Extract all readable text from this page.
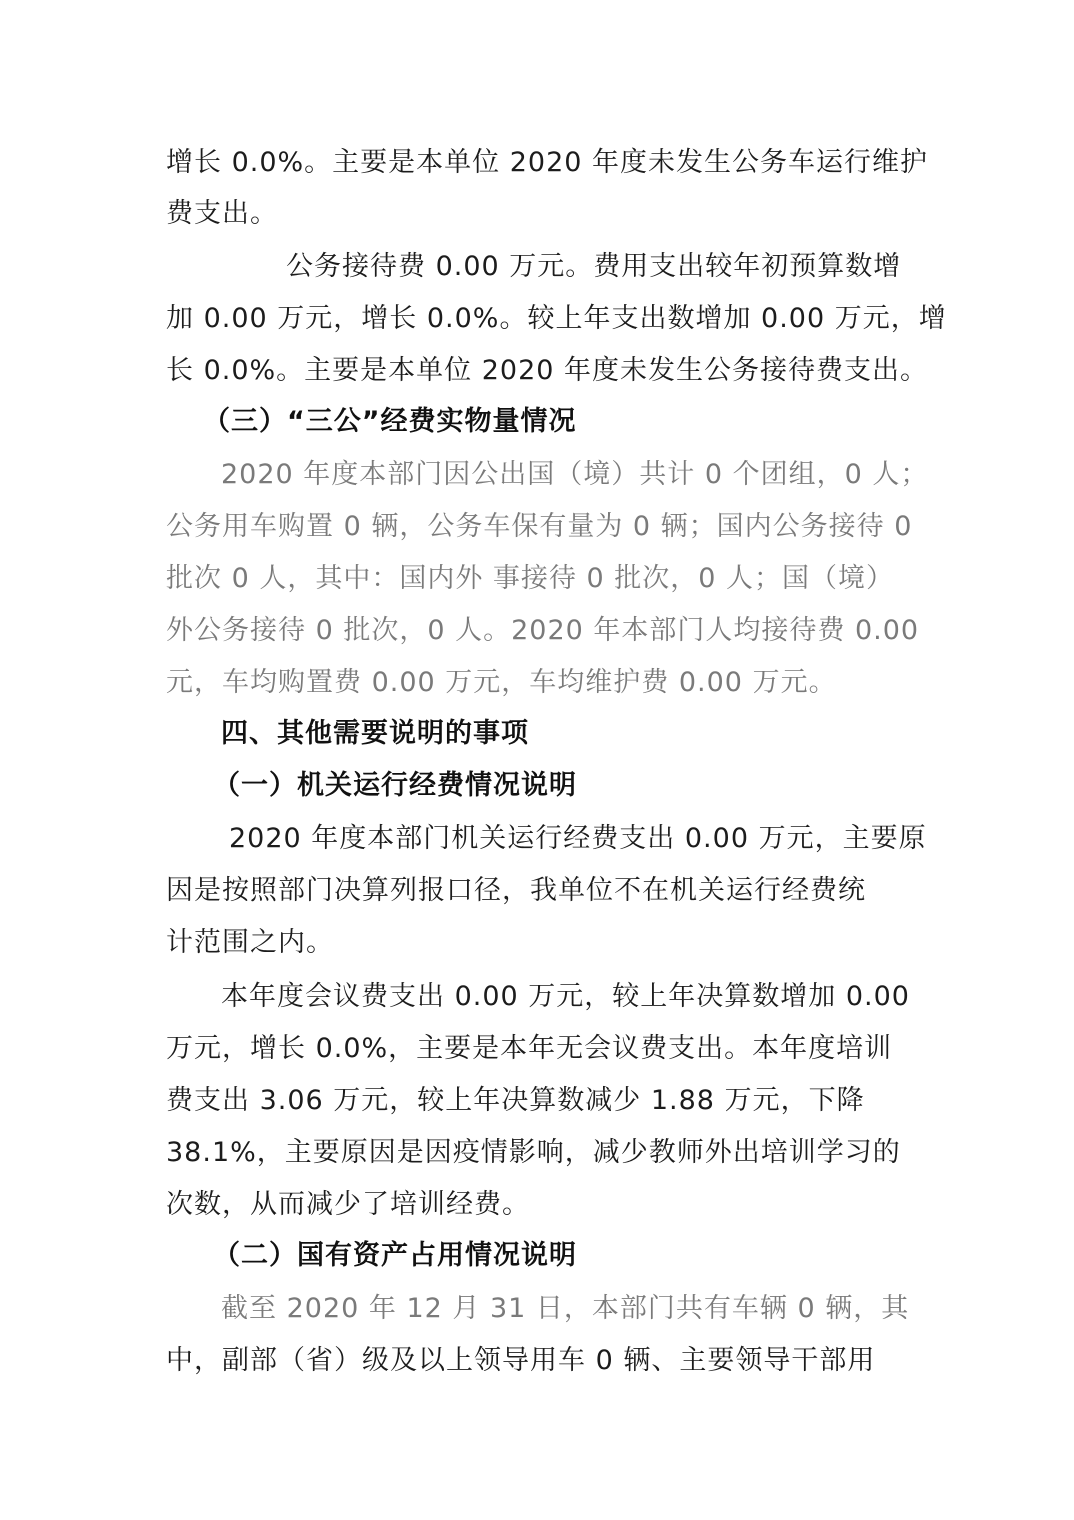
增长 0.0%。主要是本单位 2020 年度未发生公务车运行维护
费支出。
公务接待费 0.00 万元。费用支出较年初预算数增
加 0.00 万元，增长 0.0%。较上年支出数增加 0.00 万元，增
长 0.0%。主要是本单位 2020 年度未发生公务接待费支出。
（三）“三公”经费实物量情况
2020 年度本部门因公出国（境）共计 0 个团组，0 人；
公务用车购置 0 辆，公务车保有量为 0 辆；国内公务接待 0
批次 0 人，其中：国内外 事接待 0 批次，0 人；国（境）
外公务接待 0 批次，0 人。2020 年本部门人均接待费 0.00
元，车均购置费 0.00 万元，车均维护费 0.00 万元。
四、其他需要说明的事项
（一）机关运行经费情况说明
2020 年度本部门机关运行经费支出 0.00 万元，主要原
因是按照部门决算列报口径，我单位不在机关运行经费统
计范围之内。
本年度会议费支出 0.00 万元，较上年决算数增加 0.00
万元，增长 0.0%，主要是本年无会议费支出。本年度培训
费支出 3.06 万元，较上年决算数减少 1.88 万元，下降
38.1%，主要原因是因疫情影响，减少教师外出培训学习的
次数，从而减少了培训经费。
（二）国有资产占用情况说明
截至 2020 年 12 月 31 日，本部门共有车辆 0 辆，其
中，副部（省）级及以上领导用车 0 辆、主要领导干部用
